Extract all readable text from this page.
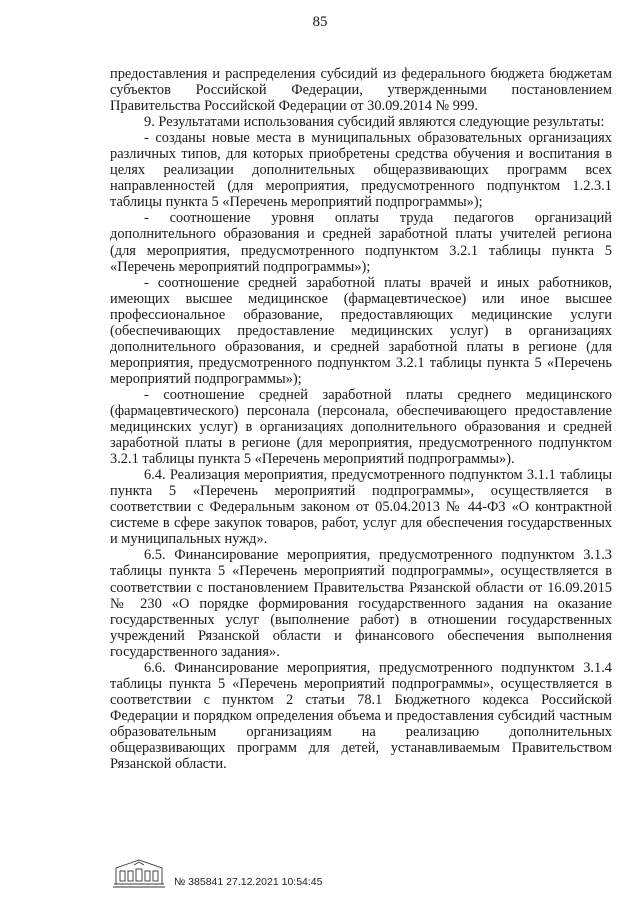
85

предоставления и распределения субсидий из федерального бюджета бюджетам субъектов Российской Федерации, утвержденными постановлением Правительства Российской Федерации от 30.09.2014 № 999.

9. Результатами использования субсидий являются следующие результаты:

- созданы новые места в муниципальных образовательных организациях различных типов, для которых приобретены средства обучения и воспитания в целях реализации дополнительных общеразвивающих программ всех направленностей (для мероприятия, предусмотренного подпунктом 1.2.3.1 таблицы пункта 5 «Перечень мероприятий подпрограммы»);

- соотношение уровня оплаты труда педагогов организаций дополнительного образования и средней заработной платы учителей региона (для мероприятия, предусмотренного подпунктом 3.2.1 таблицы пункта 5 «Перечень мероприятий подпрограммы»);

- соотношение средней заработной платы врачей и иных работников, имеющих высшее медицинское (фармацевтическое) или иное высшее профессиональное образование, предоставляющих медицинские услуги (обеспечивающих предоставление медицинских услуг) в организациях дополнительного образования, и средней заработной платы в регионе (для мероприятия, предусмотренного подпунктом 3.2.1 таблицы пункта 5 «Перечень мероприятий подпрограммы»);

- соотношение средней заработной платы среднего медицинского (фармацевтического) персонала (персонала, обеспечивающего предоставление медицинских услуг) в организациях дополнительного образования и средней заработной платы в регионе (для мероприятия, предусмотренного подпунктом 3.2.1 таблицы пункта 5 «Перечень мероприятий подпрограммы»).

6.4. Реализация мероприятия, предусмотренного подпунктом 3.1.1 таблицы пункта 5 «Перечень мероприятий подпрограммы», осуществляется в соответствии с Федеральным законом от 05.04.2013 № 44-ФЗ «О контрактной системе в сфере закупок товаров, работ, услуг для обеспечения государственных и муниципальных нужд».

6.5. Финансирование мероприятия, предусмотренного подпунктом 3.1.3 таблицы пункта 5 «Перечень мероприятий подпрограммы», осуществляется в соответствии с постановлением Правительства Рязанской области от 16.09.2015 № 230 «О порядке формирования государственного задания на оказание государственных услуг (выполнение работ) в отношении государственных учреждений Рязанской области и финансового обеспечения выполнения государственного задания».

6.6. Финансирование мероприятия, предусмотренного подпунктом 3.1.4 таблицы пункта 5 «Перечень мероприятий подпрограммы», осуществляется в соответствии с пунктом 2 статьи 78.1 Бюджетного кодекса Российской Федерации и порядком определения объема и предоставления субсидий частным образовательным организациям на реализацию дополнительных общеразвивающих программ для детей, устанавливаемым Правительством Рязанской области.

№ 385841 27.12.2021 10:54:45
